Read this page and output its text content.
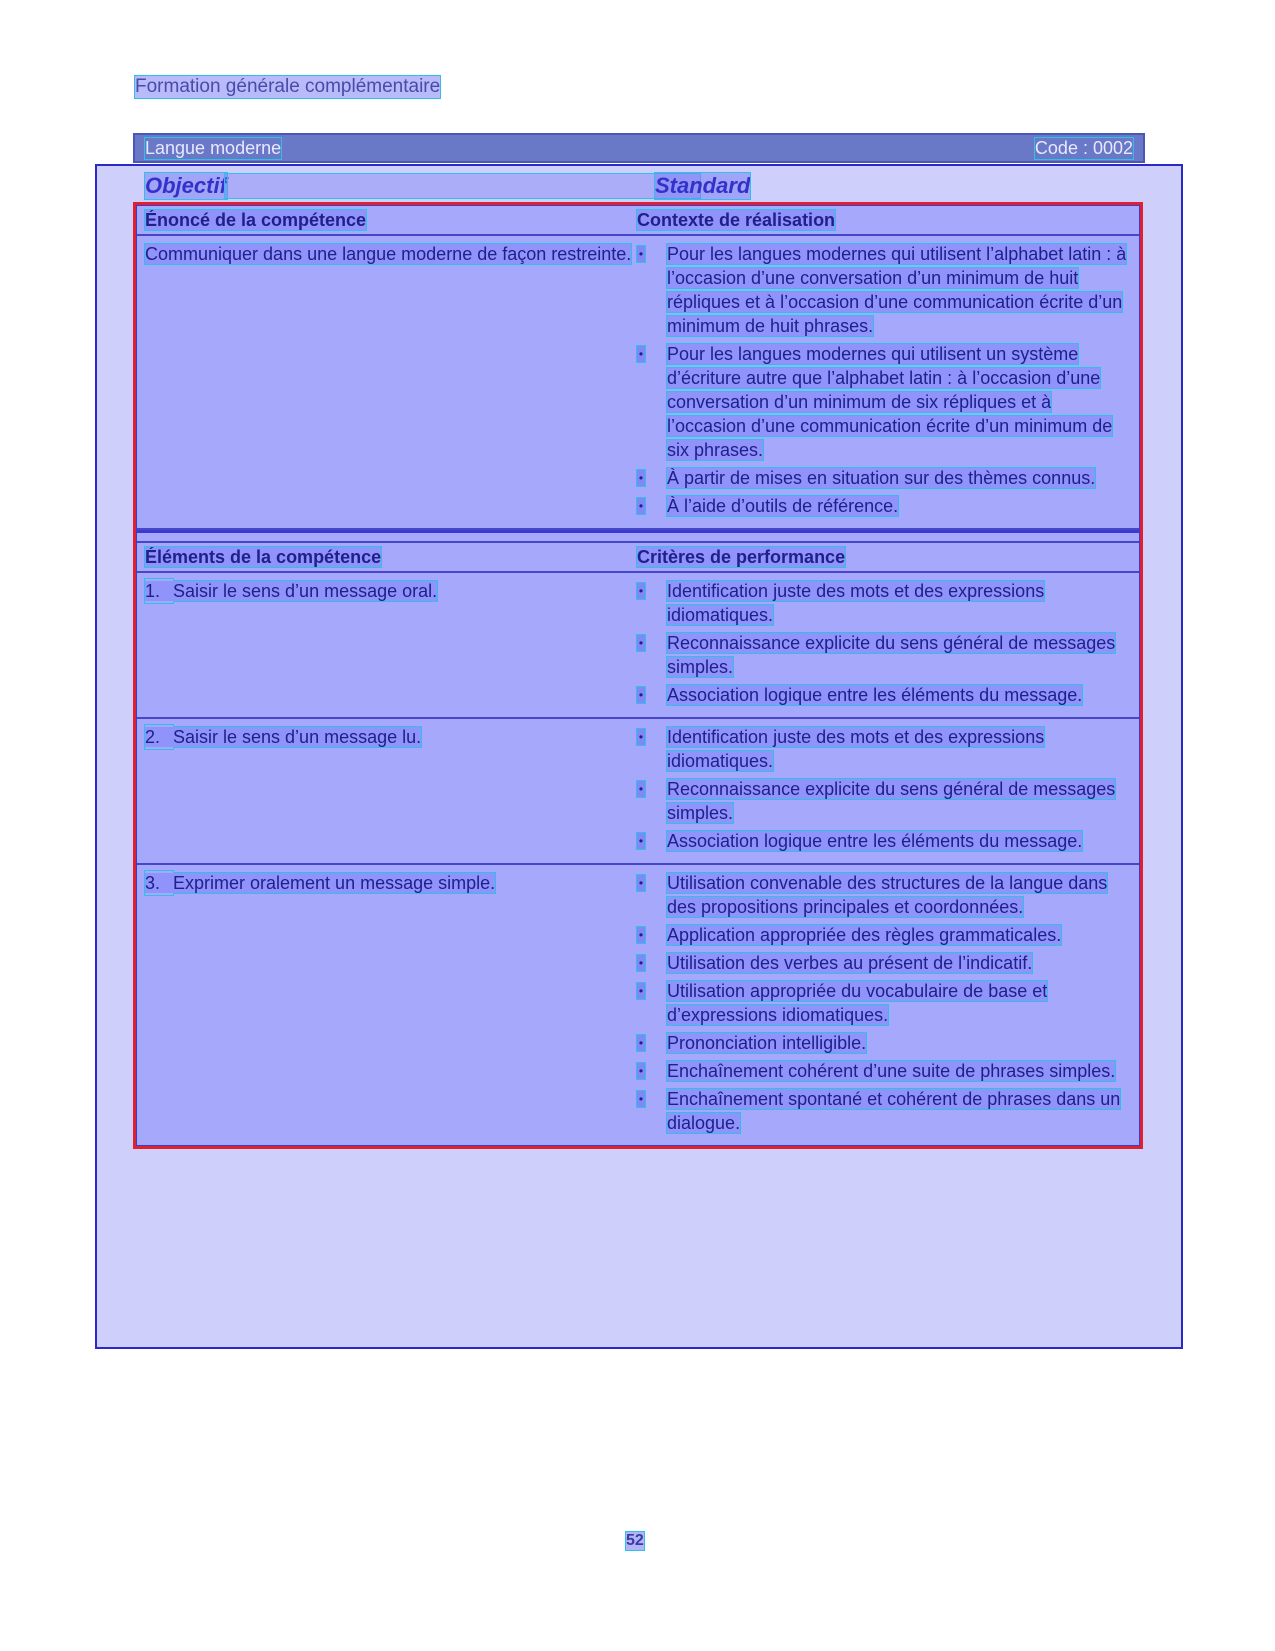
Formation générale complémentaire
Langue moderne	Code : 0002
Objectif	Standard
Énoncé de la compétence	Contexte de réalisation
Communiquer dans une langue moderne de façon restreinte. • Pour les langues modernes qui utilisent l’alphabet latin : à l’occasion d’une conversation d’un minimum de huit répliques et à l’occasion d’une communication écrite d’un minimum de huit phrases.
• Pour les langues modernes qui utilisent un système d’écriture autre que l’alphabet latin : à l’occasion d’une conversation d’un minimum de six répliques et à l’occasion d’une communication écrite d’un minimum de six phrases.
• À partir de mises en situation sur des thèmes connus.
• À l’aide d’outils de référence.
Éléments de la compétence	Critères de performance
1. Saisir le sens d’un message oral.	• Identification juste des mots et des expressions idiomatiques.
• Reconnaissance explicite du sens général de messages simples.
• Association logique entre les éléments du message.
2. Saisir le sens d’un message lu.	• Identification juste des mots et des expressions idiomatiques.
• Reconnaissance explicite du sens général de messages simples.
• Association logique entre les éléments du message.
3. Exprimer oralement un message simple.	• Utilisation convenable des structures de la langue dans des propositions principales et coordonnées.
• Application appropriée des règles grammaticales.
• Utilisation des verbes au présent de l’indicatif.
• Utilisation appropriée du vocabulaire de base et d’expressions idiomatiques.
• Prononciation intelligible.
• Enchaînement cohérent d’une suite de phrases simples.
• Enchaînement spontané et cohérent de phrases dans un dialogue.
52
